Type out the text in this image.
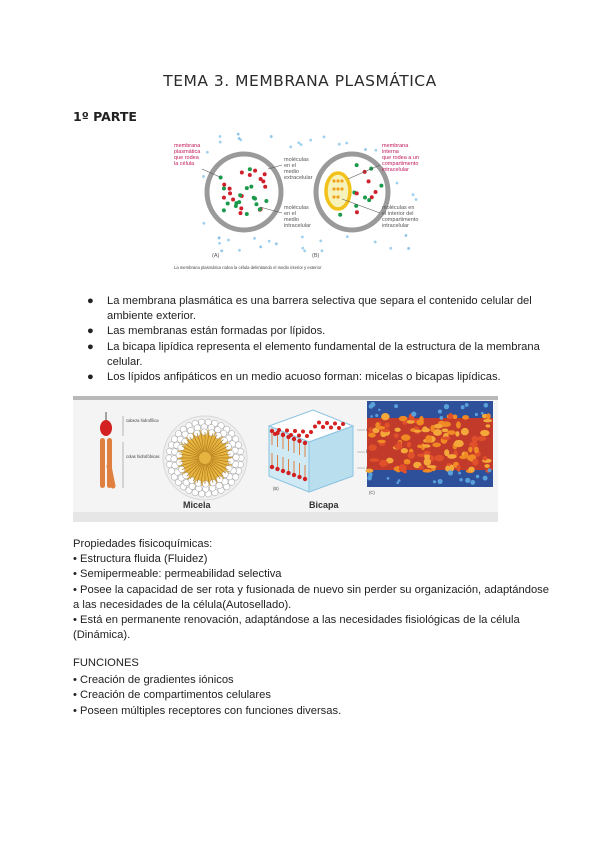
TEMA 3. MEMBRANA PLASMÁTICA
1º PARTE
membrana plasmática que rodea la célula
moléculas en el medio extracelular
moléculas en el medio intracelular
membrana interna que rodea a un compartimento intracelular
moléculas en el interior del compartimento intracelular
(A)	(B)
La membrana plasmática rodea la célula delimitando el medio interior y exterior
● La membrana plasmática es una barrera selectiva que separa el contenido celular del ambiente exterior.
● Las membranas están formadas por lípidos.
● La bicapa lipídica representa el elemento fundamental de la estructura de la membrana celular.
● Los lípidos anfipáticos en un medio acuoso forman: micelas o bicapas lipídicas.
cabeza hidrofílica
colas hidrofóbicas
Micela	Bicapa
(B)
(C)
Propiedades fisicoquímicas:
• Estructura fluida (Fluidez)
• Semipermeable: permeabilidad selectiva
• Posee la capacidad de ser rota y fusionada de nuevo sin perder su organización, adaptándose a las necesidades de la célula(Autosellado).
• Está en permanente renovación, adaptándose a las necesidades fisiológicas de la célula (Dinámica).
FUNCIONES
• Creación de gradientes iónicos
• Creación de compartimentos celulares
• Poseen múltiples receptores con funciones diversas.
